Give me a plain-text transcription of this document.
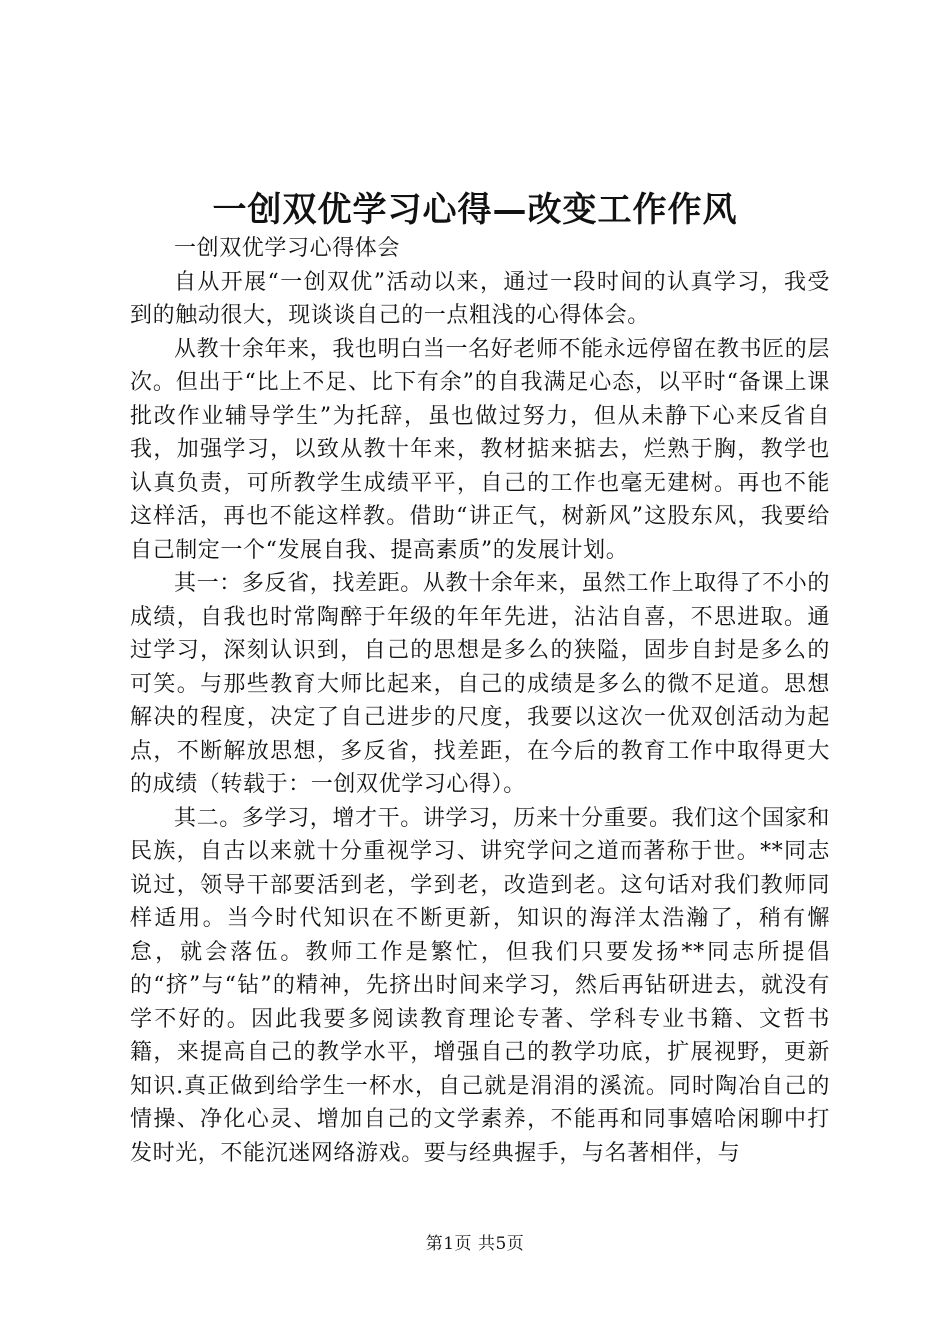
一创双优学习心得—改变工作作风

一创双优学习心得体会

自从开展“一创双优”活动以来，通过一段时间的认真学习，我受到的触动很大，现谈谈自己的一点粗浅的心得体会。

从教十余年来，我也明白当一名好老师不能永远停留在教书匠的层次。但出于“比上不足、比下有余”的自我满足心态，以平时“备课上课批改作业辅导学生”为托辞，虽也做过努力，但从未静下心来反省自我，加强学习，以致从教十年来，教材掂来掂去，烂熟于胸，教学也认真负责，可所教学生成绩平平，自己的工作也毫无建树。再也不能这样活，再也不能这样教。借助“讲正气，树新风”这股东风，我要给自己制定一个“发展自我、提高素质”的发展计划。

其一：多反省，找差距。从教十余年来，虽然工作上取得了不小的成绩，自我也时常陶醉于年级的年年先进，沾沾自喜，不思进取。通过学习，深刻认识到，自己的思想是多么的狭隘，固步自封是多么的可笑。与那些教育大师比起来，自己的成绩是多么的微不足道。思想解决的程度，决定了自己进步的尺度，我要以这次一优双创活动为起点，不断解放思想，多反省，找差距，在今后的教育工作中取得更大的成绩（转载于：一创双优学习心得）。

其二。多学习，增才干。讲学习，历来十分重要。我们这个国家和民族，自古以来就十分重视学习、讲究学问之道而著称于世。**同志说过，领导干部要活到老，学到老，改造到老。这句话对我们教师同样适用。当今时代知识在不断更新，知识的海洋太浩瀚了，稍有懈怠，就会落伍。教师工作是繁忙，但我们只要发扬**同志所提倡的“挤”与“钻”的精神，先挤出时间来学习，然后再钻研进去，就没有学不好的。因此我要多阅读教育理论专著、学科专业书籍、文哲书籍，来提高自己的教学水平，增强自己的教学功底，扩展视野，更新知识.真正做到给学生一杯水，自己就是涓涓的溪流。同时陶冶自己的情操、净化心灵、增加自己的文学素养，不能再和同事嬉哈闲聊中打发时光，不能沉迷网络游戏。要与经典握手，与名著相伴，与

第1页 共5页
